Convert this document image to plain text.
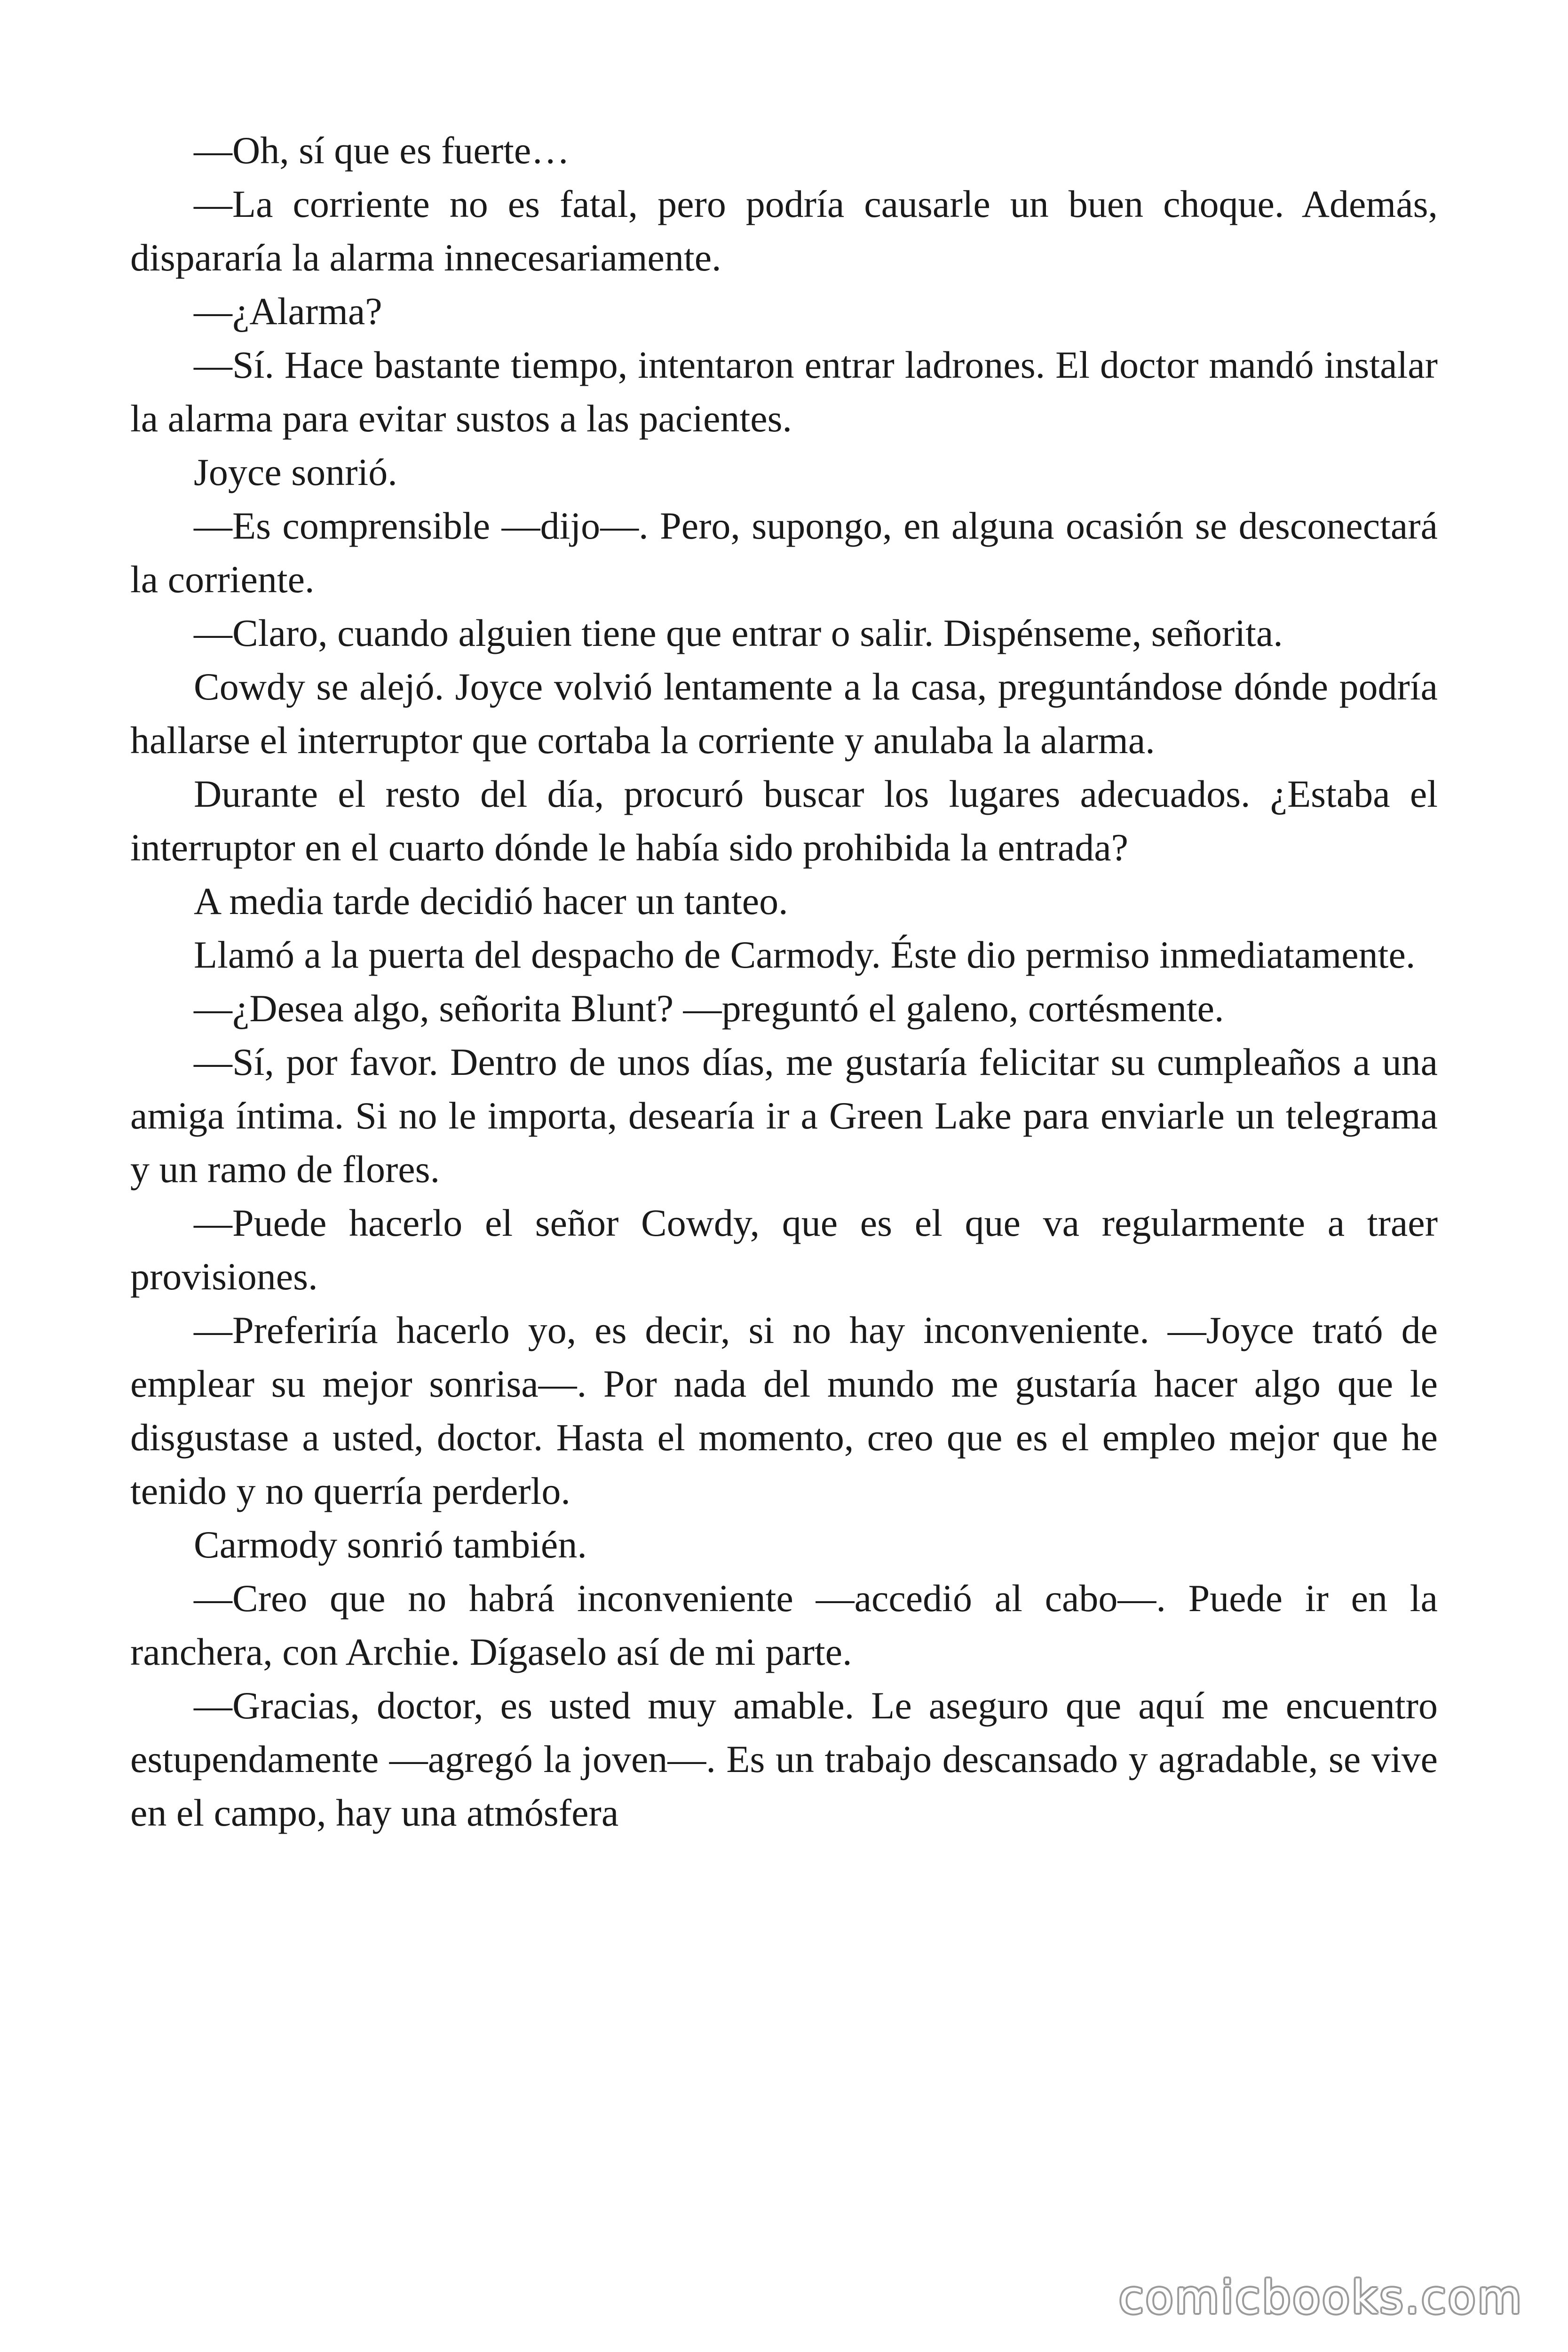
—Oh, sí que es fuerte…

—La corriente no es fatal, pero podría causarle un buen choque. Además, dispararía la alarma innecesariamente.

—¿Alarma?

—Sí. Hace bastante tiempo, intentaron entrar ladrones. El doctor mandó instalar la alarma para evitar sustos a las pacientes.

Joyce sonrió.

—Es comprensible —dijo—. Pero, supongo, en alguna ocasión se desconectará la corriente.

—Claro, cuando alguien tiene que entrar o salir. Dispénseme, señorita.

Cowdy se alejó. Joyce volvió lentamente a la casa, preguntándose dónde podría hallarse el interruptor que cortaba la corriente y anulaba la alarma.

Durante el resto del día, procuró buscar los lugares adecuados. ¿Estaba el interruptor en el cuarto dónde le había sido prohibida la entrada?

A media tarde decidió hacer un tanteo.

Llamó a la puerta del despacho de Carmody. Éste dio permiso inmediatamente.

—¿Desea algo, señorita Blunt? —preguntó el galeno, cortésmente.

—Sí, por favor. Dentro de unos días, me gustaría felicitar su cumpleaños a una amiga íntima. Si no le importa, desearía ir a Green Lake para enviarle un telegrama y un ramo de flores.

—Puede hacerlo el señor Cowdy, que es el que va regularmente a traer provisiones.

—Preferiría hacerlo yo, es decir, si no hay inconveniente. —Joyce trató de emplear su mejor sonrisa—. Por nada del mundo me gustaría hacer algo que le disgustase a usted, doctor. Hasta el momento, creo que es el empleo mejor que he tenido y no querría perderlo.

Carmody sonrió también.

—Creo que no habrá inconveniente —accedió al cabo—. Puede ir en la ranchera, con Archie. Dígaselo así de mi parte.

—Gracias, doctor, es usted muy amable. Le aseguro que aquí me encuentro estupendamente —agregó la joven—. Es un trabajo descansado y agradable, se vive en el campo, hay una atmósfera

comicbooks.com
